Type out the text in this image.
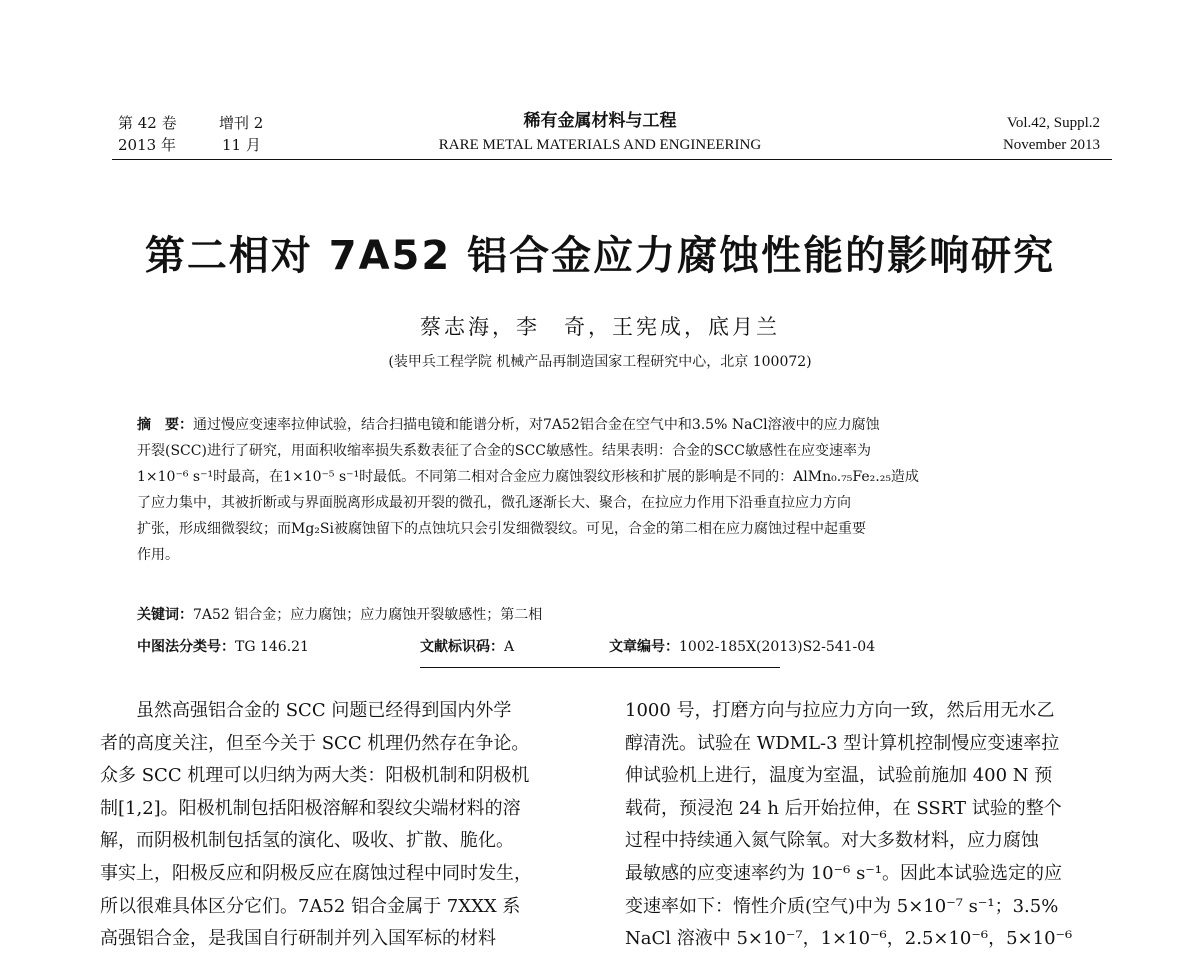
第 42 卷	增刊 2
2013 年	11 月
稀有金属材料与工程
RARE METAL MATERIALS AND ENGINEERING
Vol.42, Suppl.2
November 2013
第二相对 7A52 铝合金应力腐蚀性能的影响研究
蔡志海，李　奇，王宪成，底月兰
(装甲兵工程学院 机械产品再制造国家工程研究中心，北京 100072)
摘　要：通过慢应变速率拉伸试验，结合扫描电镜和能谱分析，对7A52铝合金在空气中和3.5% NaCl溶液中的应力腐蚀
开裂(SCC)进行了研究，用面积收缩率损失系数表征了合金的SCC敏感性。结果表明：合金的SCC敏感性在应变速率为
1×10⁻⁶ s⁻¹时最高，在1×10⁻⁵ s⁻¹时最低。不同第二相对合金应力腐蚀裂纹形核和扩展的影响是不同的：AlMn₀.₇₅Fe₂.₂₅造成
了应力集中，其被折断或与界面脱离形成最初开裂的微孔，微孔逐渐长大、聚合，在拉应力作用下沿垂直拉应力方向
扩张，形成细微裂纹；而Mg₂Si被腐蚀留下的点蚀坑只会引发细微裂纹。可见，合金的第二相在应力腐蚀过程中起重要
作用。
关键词：7A52 铝合金；应力腐蚀；应力腐蚀开裂敏感性；第二相
中图法分类号：TG 146.21	文献标识码：A	文章编号：1002-185X(2013)S2-541-04
　　虽然高强铝合金的 SCC 问题已经得到国内外学
者的高度关注，但至今关于 SCC 机理仍然存在争论。
众多 SCC 机理可以归纳为两大类：阳极机制和阴极机
制[1,2]。阳极机制包括阳极溶解和裂纹尖端材料的溶
解，而阴极机制包括氢的演化、吸收、扩散、脆化。
事实上，阳极反应和阴极反应在腐蚀过程中同时发生，
所以很难具体区分它们。7A52 铝合金属于 7XXX 系
高强铝合金，是我国自行研制并列入国军标的材料
1000 号，打磨方向与拉应力方向一致，然后用无水乙
醇清洗。试验在 WDML-3 型计算机控制慢应变速率拉
伸试验机上进行，温度为室温，试验前施加 400 N 预
载荷，预浸泡 24 h 后开始拉伸，在 SSRT 试验的整个
过程中持续通入氮气除氧。对大多数材料，应力腐蚀
最敏感的应变速率约为 10⁻⁶ s⁻¹。因此本试验选定的应
变速率如下：惰性介质(空气)中为 5×10⁻⁷ s⁻¹；3.5%
NaCl 溶液中 5×10⁻⁷，1×10⁻⁶，2.5×10⁻⁶，5×10⁻⁶
